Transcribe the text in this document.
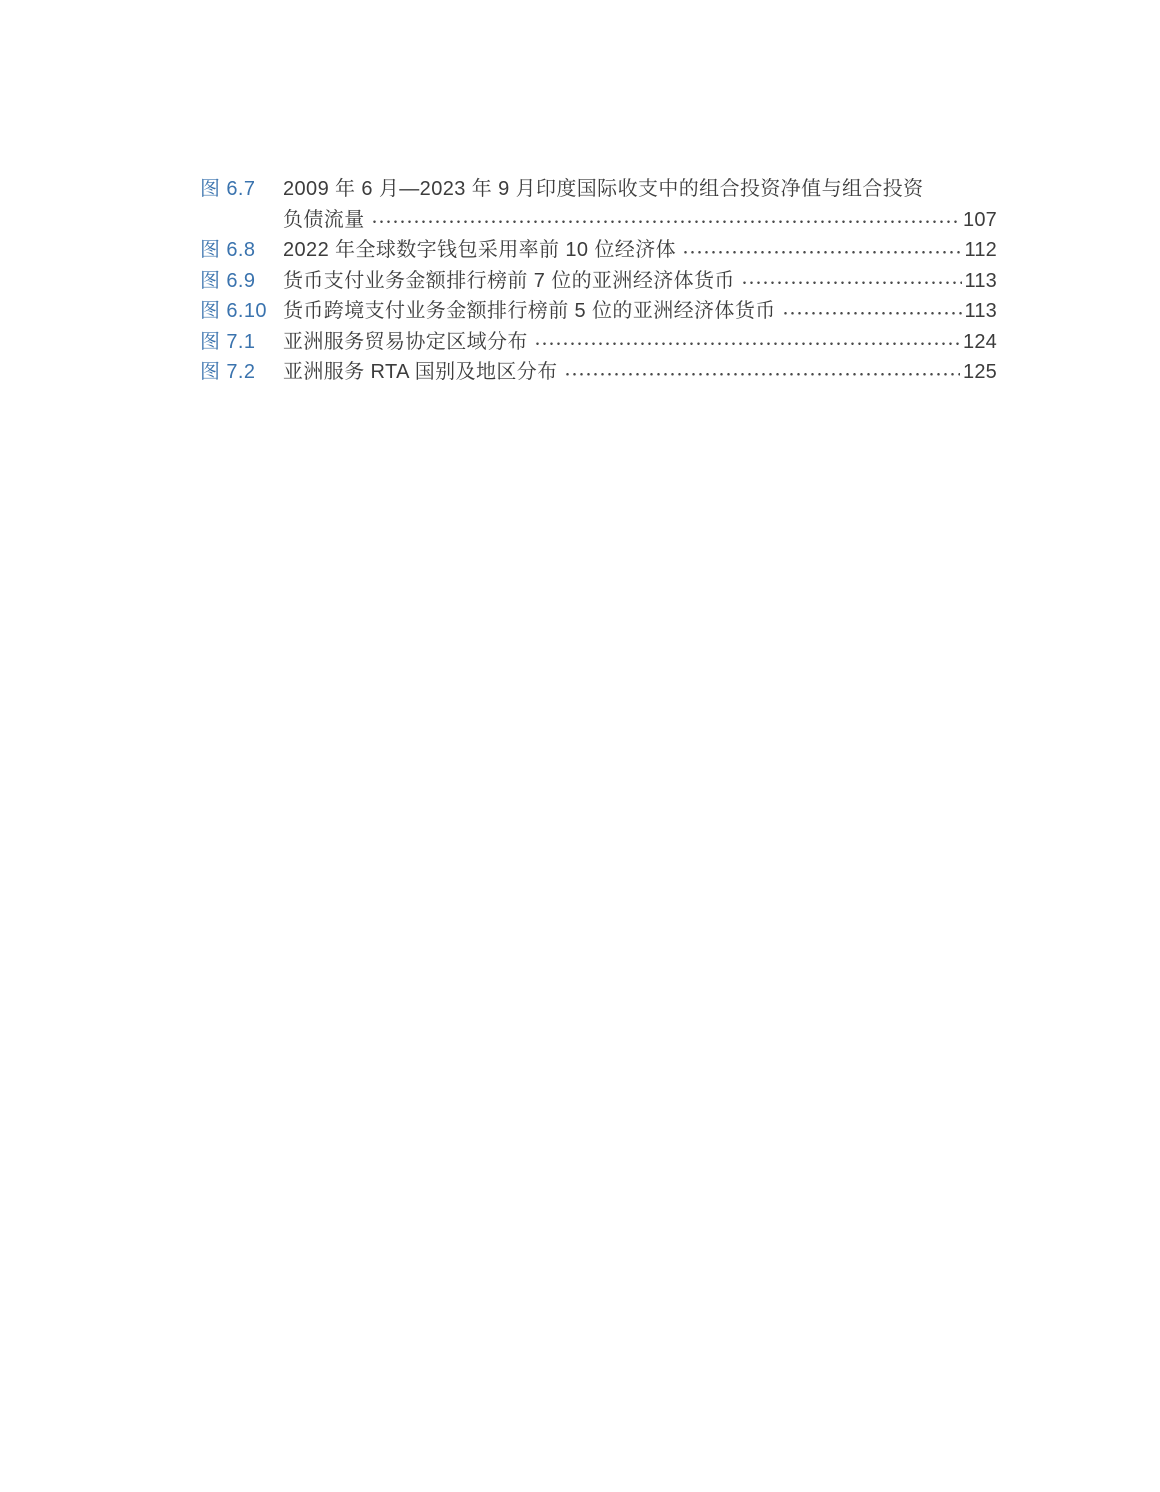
图 6.7	2009 年 6 月—2023 年 9 月印度国际收支中的组合投资净值与组合投资
负债流量	107
图 6.8	2022 年全球数字钱包采用率前 10 位经济体	112
图 6.9	货币支付业务金额排行榜前 7 位的亚洲经济体货币	113
图 6.10 货币跨境支付业务金额排行榜前 5 位的亚洲经济体货币	113
图 7.1	亚洲服务贸易协定区域分布	124
图 7.2	亚洲服务 RTA 国别及地区分布	125
